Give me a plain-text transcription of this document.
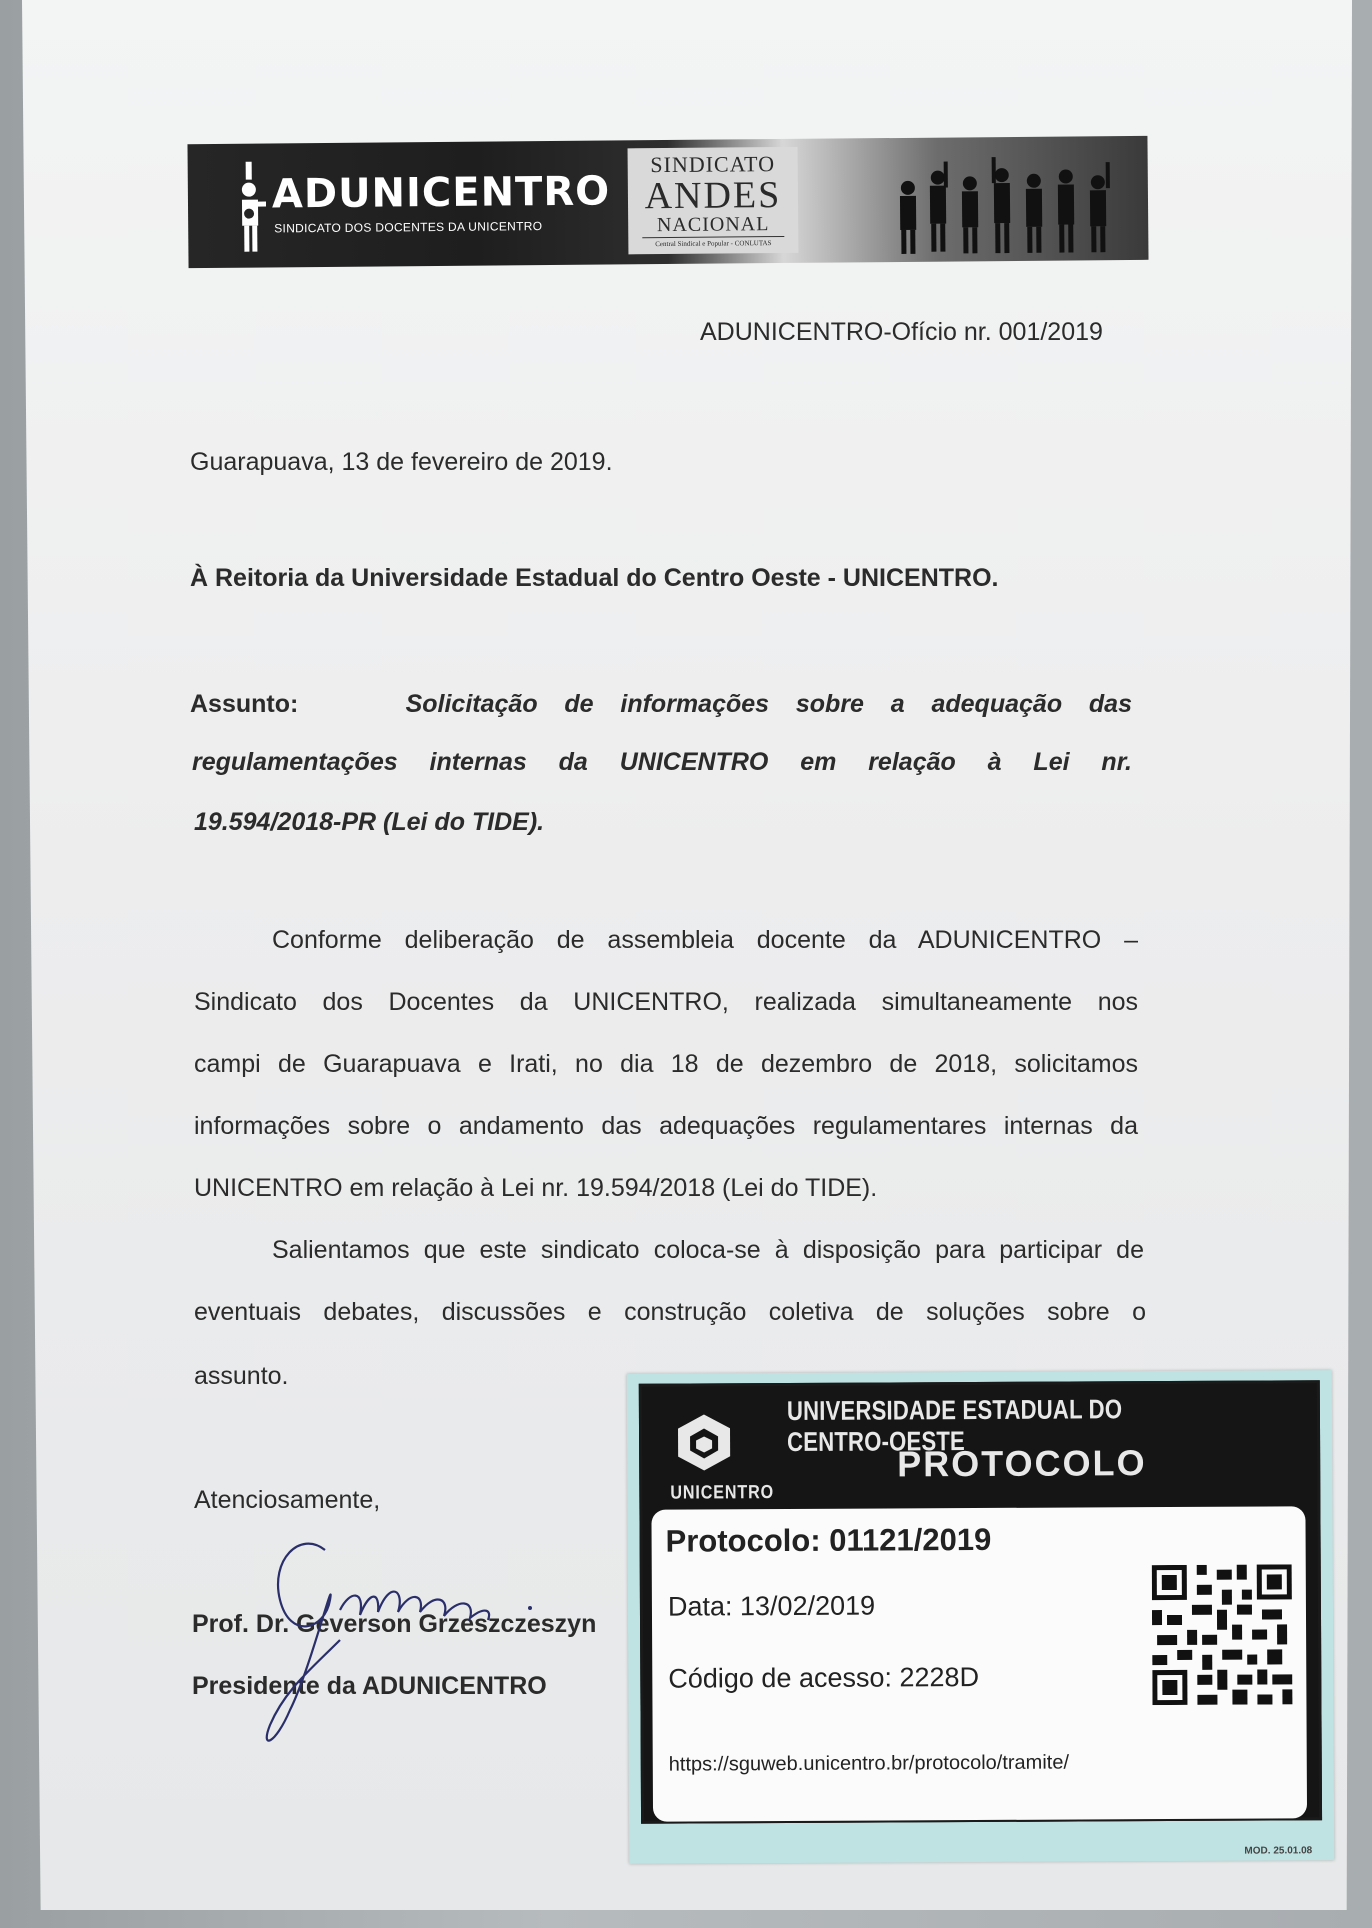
ADUNICENTRO
SINDICATO DOS DOCENTES DA UNICENTRO
SINDICATO
ANDES
NACIONAL
Central Sindical e Popular - CONLUTAS
ADUNICENTRO-Ofício nr. 001/2019
Guarapuava, 13 de fevereiro de 2019.
À Reitoria da Universidade Estadual do Centro Oeste - UNICENTRO.
Assunto:	Solicitação de informações sobre a adequação das
regulamentações internas da UNICENTRO em relação à Lei nr.
19.594/2018-PR (Lei do TIDE).
Conforme deliberação de assembleia docente da ADUNICENTRO –
Sindicato dos Docentes da UNICENTRO, realizada simultaneamente nos
campi de Guarapuava e Irati, no dia 18 de dezembro de 2018, solicitamos
informações sobre o andamento das adequações regulamentares internas da
UNICENTRO em relação à Lei nr. 19.594/2018 (Lei do TIDE).
Salientamos que este sindicato coloca-se à disposição para participar de
eventuais debates, discussões e construção coletiva de soluções sobre o
assunto.
Atenciosamente,
Prof. Dr. Geverson Grzeszczeszyn
Presidente da ADUNICENTRO
UNICENTRO
UNIVERSIDADE ESTADUAL DO CENTRO-OESTE
PROTOCOLO
Protocolo: 01121/2019
Data: 13/02/2019
Código de acesso: 2228D
https://sguweb.unicentro.br/protocolo/tramite/
MOD. 25.01.08
